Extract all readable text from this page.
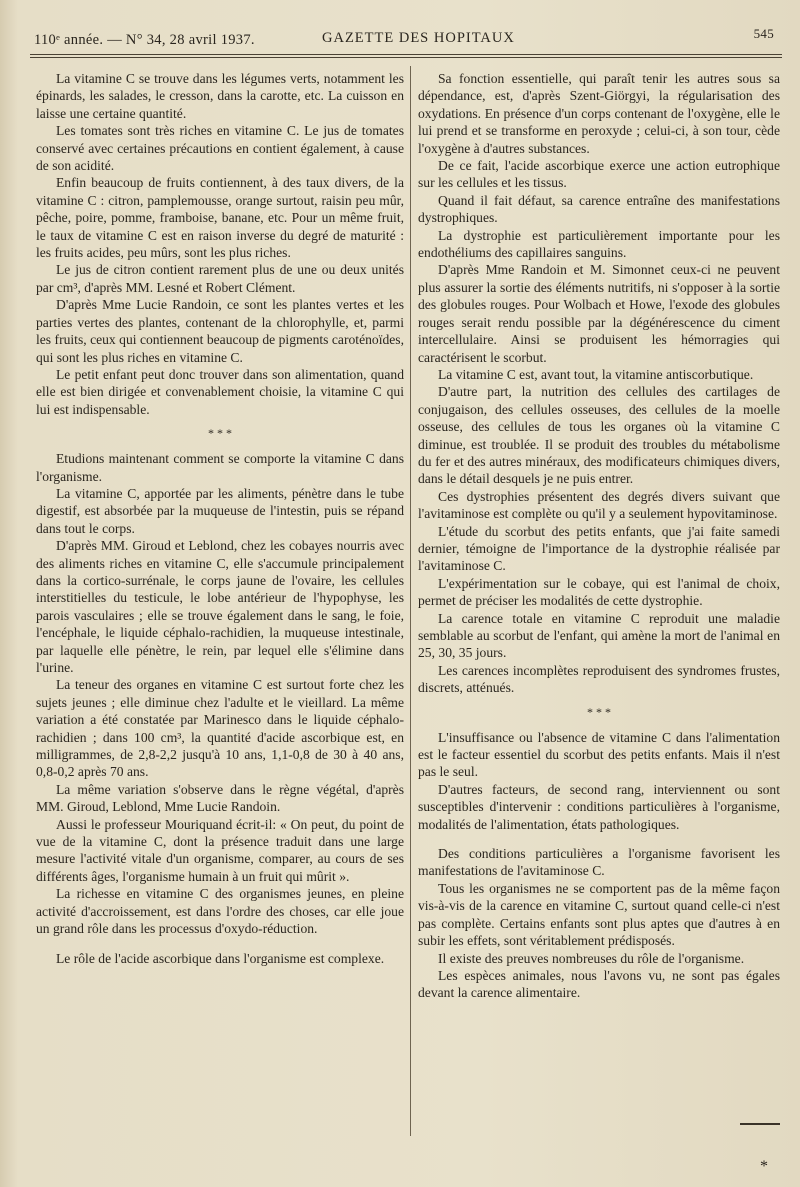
110ᵉ année. — N° 34, 28 avril 1937.	GAZETTE DES HOPITAUX	545

La vitamine C se trouve dans les légumes verts, notamment les épinards, les salades, le cresson, dans la carotte, etc. La cuisson en laisse une certaine quantité.

Les tomates sont très riches en vitamine C. Le jus de tomates conservé avec certaines précautions en contient également, à cause de son acidité.

Enfin beaucoup de fruits contiennent, à des taux divers, de la vitamine C : citron, pamplemousse, orange surtout, raisin peu mûr, pêche, poire, pomme, framboise, banane, etc. Pour un même fruit, le taux de vitamine C est en raison inverse du degré de maturité : les fruits acides, peu mûrs, sont les plus riches.

Le jus de citron contient rarement plus de une ou deux unités par cm³, d'après MM. Lesné et Robert Clément.

D'après Mme Lucie Randoin, ce sont les plantes vertes et les parties vertes des plantes, contenant de la chlorophylle, et, parmi les fruits, ceux qui contiennent beaucoup de pigments caroténoïdes, qui sont les plus riches en vitamine C.

Le petit enfant peut donc trouver dans son alimentation, quand elle est bien dirigée et convenablement choisie, la vitamine C qui lui est indispensable.

* * *

Etudions maintenant comment se comporte la vitamine C dans l'organisme.

La vitamine C, apportée par les aliments, pénètre dans le tube digestif, est absorbée par la muqueuse de l'intestin, puis se répand dans tout le corps.

D'après MM. Giroud et Leblond, chez les cobayes nourris avec des aliments riches en vitamine C, elle s'accumule principalement dans la cortico-surrénale, le corps jaune de l'ovaire, les cellules interstitielles du testicule, le lobe antérieur de l'hypophyse, les parois vasculaires ; elle se trouve également dans le sang, le foie, l'encéphale, le liquide céphalo-rachidien, la muqueuse intestinale, par laquelle elle pénètre, le rein, par lequel elle s'élimine dans l'urine.

La teneur des organes en vitamine C est surtout forte chez les sujets jeunes ; elle diminue chez l'adulte et le vieillard. La même variation a été constatée par Marinesco dans le liquide céphalo-rachidien ; dans 100 cm³, la quantité d'acide ascorbique est, en milligrammes, de 2,8-2,2 jusqu'à 10 ans, 1,1-0,8 de 30 à 40 ans, 0,8-0,2 après 70 ans.

La même variation s'observe dans le règne végétal, d'après MM. Giroud, Leblond, Mme Lucie Randoin.

Aussi le professeur Mouriquand écrit-il: « On peut, du point de vue de la vitamine C, dont la présence traduit dans une large mesure l'activité vitale d'un organisme, comparer, au cours de ses différents âges, l'organisme humain à un fruit qui mûrit ».

La richesse en vitamine C des organismes jeunes, en pleine activité d'accroissement, est dans l'ordre des choses, car elle joue un grand rôle dans les processus d'oxydo-réduction.

Le rôle de l'acide ascorbique dans l'organisme est complexe.

Sa fonction essentielle, qui paraît tenir les autres sous sa dépendance, est, d'après Szent-Giörgyi, la régularisation des oxydations. En présence d'un corps contenant de l'oxygène, elle le lui prend et se transforme en peroxyde ; celui-ci, à son tour, cède l'oxygène à d'autres substances.

De ce fait, l'acide ascorbique exerce une action eutrophique sur les cellules et les tissus.

Quand il fait défaut, sa carence entraîne des manifestations dystrophiques.

La dystrophie est particulièrement importante pour les endothéliums des capillaires sanguins.

D'après Mme Randoin et M. Simonnet ceux-ci ne peuvent plus assurer la sortie des éléments nutritifs, ni s'opposer à la sortie des globules rouges. Pour Wolbach et Howe, l'exode des globules rouges serait rendu possible par la dégénérescence du ciment intercellulaire. Ainsi se produisent les hémorragies qui caractérisent le scorbut.

La vitamine C est, avant tout, la vitamine antiscorbutique.

D'autre part, la nutrition des cellules des cartilages de conjugaison, des cellules osseuses, des cellules de la moelle osseuse, des cellules de tous les organes où la vitamine C diminue, est troublée. Il se produit des troubles du métabolisme du fer et des autres minéraux, des modificateurs chimiques divers, dans le détail desquels je ne puis entrer.

Ces dystrophies présentent des degrés divers suivant que l'avitaminose est complète ou qu'il y a seulement hypovitaminose.

L'étude du scorbut des petits enfants, que j'ai faite samedi dernier, témoigne de l'importance de la dystrophie réalisée par l'avitaminose C.

L'expérimentation sur le cobaye, qui est l'animal de choix, permet de préciser les modalités de cette dystrophie.

La carence totale en vitamine C reproduit une maladie semblable au scorbut de l'enfant, qui amène la mort de l'animal en 25, 30, 35 jours.

Les carences incomplètes reproduisent des syndromes frustes, discrets, atténués.

* * *

L'insuffisance ou l'absence de vitamine C dans l'alimentation est le facteur essentiel du scorbut des petits enfants. Mais il n'est pas le seul.

D'autres facteurs, de second rang, interviennent ou sont susceptibles d'intervenir : conditions particulières à l'organisme, modalités de l'alimentation, états pathologiques.

Des conditions particulières a l'organisme favorisent les manifestations de l'avitaminose C.

Tous les organismes ne se comportent pas de la même façon vis-à-vis de la carence en vitamine C, surtout quand celle-ci n'est pas complète. Certains enfants sont plus aptes que d'autres à en subir les effets, sont véritablement prédisposés.

Il existe des preuves nombreuses du rôle de l'organisme.

Les espèces animales, nous l'avons vu, ne sont pas égales devant la carence alimentaire.

*
